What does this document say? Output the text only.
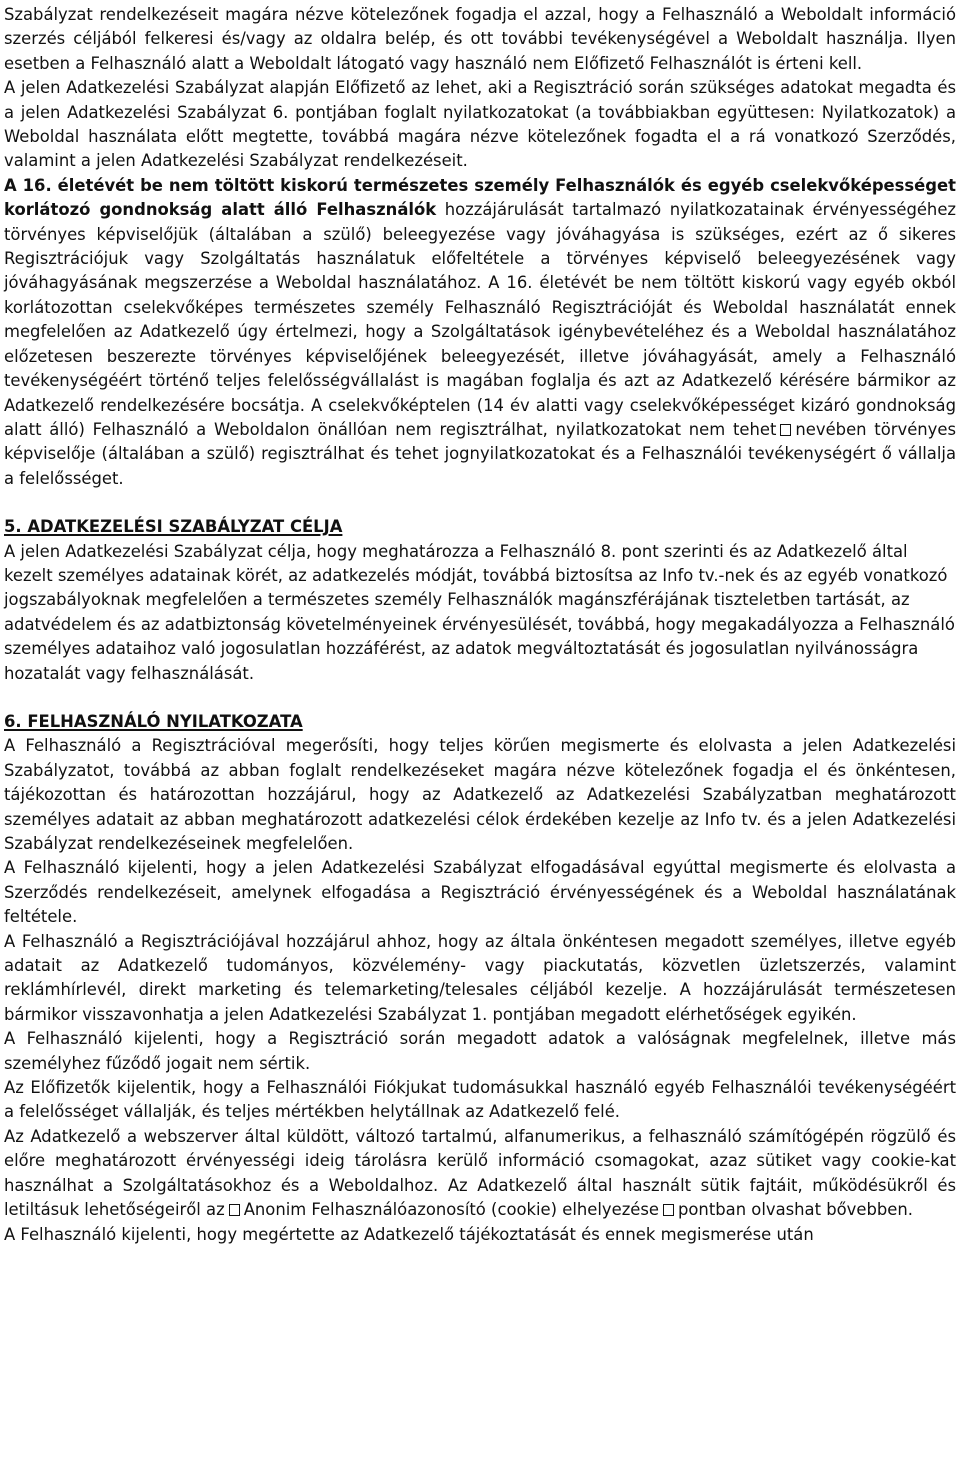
Szabályzat rendelkezéseit magára nézve kötelezőnek fogadja el azzal, hogy a Felhasználó a Weboldalt információ szerzés céljából felkeresi és/vagy az oldalra belép, és ott további tevékenységével a Weboldalt használja. Ilyen esetben a Felhasználó alatt a Weboldalt látogató vagy használó nem Előfizető Felhasználót is érteni kell.

A jelen Adatkezelési Szabályzat alapján Előfizető az lehet, aki a Regisztráció során szükséges adatokat megadta és a jelen Adatkezelési Szabályzat 6. pontjában foglalt nyilatkozatokat (a továbbiakban együttesen: Nyilatkozatok) a Weboldal használata előtt megtette, továbbá magára nézve kötelezőnek fogadta el a rá vonatkozó Szerződés, valamint a jelen Adatkezelési Szabályzat rendelkezéseit.

A 16. életévét be nem töltött kiskorú természetes személy Felhasználók és egyéb cselekvőképességet korlátozó gondnokság alatt álló Felhasználók hozzájárulását tartalmazó nyilatkozatainak érvényességéhez törvényes képviselőjük (általában a szülő) beleegyezése vagy jóváhagyása is szükséges, ezért az ő sikeres Regisztrációjuk vagy Szolgáltatás használatuk előfeltétele a törvényes képviselő beleegyezésének vagy jóváhagyásának megszerzése a Weboldal használatához. A 16. életévét be nem töltött kiskorú vagy egyéb okból korlátozottan cselekvőképes természetes személy Felhasználó Regisztrációját és Weboldal használatát ennek megfelelően az Adatkezelő úgy értelmezi, hogy a Szolgáltatások igénybevételéhez és a Weboldal használatához előzetesen beszerezte törvényes képviselőjének beleegyezését, illetve jóváhagyását, amely a Felhasználó tevékenységéért történő teljes felelősségvállalást is magában foglalja és azt az Adatkezelő kérésére bármikor az Adatkezelő rendelkezésére bocsátja. A cselekvőképtelen (14 év alatti vagy cselekvőképességet kizáró gondnokság alatt álló) Felhasználó a Weboldalon önállóan nem regisztrálhat, nyilatkozatokat nem tehet nevében törvényes képviselője (általában a szülő) regisztrálhat és tehet jognyilatkozatokat és a Felhasználói tevékenységért ő vállalja a felelősséget.

5. ADATKEZELÉSI SZABÁLYZAT CÉLJA

A jelen Adatkezelési Szabályzat célja, hogy meghatározza a Felhasználó 8. pont szerinti és az Adatkezelő által kezelt személyes adatainak körét, az adatkezelés módját, továbbá biztosítsa az Info tv.-nek és az egyéb vonatkozó jogszabályoknak megfelelően a természetes személy Felhasználók magánszférájának tiszteletben tartását, az adatvédelem és az adatbiztonság követelményeinek érvényesülését, továbbá, hogy megakadályozza a Felhasználó személyes adataihoz való jogosulatlan hozzáférést, az adatok megváltoztatását és jogosulatlan nyilvánosságra hozatalát vagy felhasználását.

6. FELHASZNÁLÓ NYILATKOZATA

A Felhasználó a Regisztrációval megerősíti, hogy teljes körűen megismerte és elolvasta a jelen Adatkezelési Szabályzatot, továbbá az abban foglalt rendelkezéseket magára nézve kötelezőnek fogadja el és önkéntesen, tájékozottan és határozottan hozzájárul, hogy az Adatkezelő az Adatkezelési Szabályzatban meghatározott személyes adatait az abban meghatározott adatkezelési célok érdekében kezelje az Info tv. és a jelen Adatkezelési Szabályzat rendelkezéseinek megfelelően.

A Felhasználó kijelenti, hogy a jelen Adatkezelési Szabályzat elfogadásával egyúttal megismerte és elolvasta a Szerződés rendelkezéseit, amelynek elfogadása a Regisztráció érvényességének és a Weboldal használatának feltétele.

A Felhasználó a Regisztrációjával hozzájárul ahhoz, hogy az általa önkéntesen megadott személyes, illetve egyéb adatait az Adatkezelő tudományos, közvélemény- vagy piackutatás, közvetlen üzletszerzés, valamint reklámhírlevél, direkt marketing és telemarketing/telesales céljából kezelje. A hozzájárulását természetesen bármikor visszavonhatja a jelen Adatkezelési Szabályzat 1. pontjában megadott elérhetőségek egyikén.

A Felhasználó kijelenti, hogy a Regisztráció során megadott adatok a valóságnak megfelelnek, illetve más személyhez fűződő jogait nem sértik.

Az Előfizetők kijelentik, hogy a Felhasználói Fiókjukat tudomásukkal használó egyéb Felhasználói tevékenységéért a felelősséget vállalják, és teljes mértékben helytállnak az Adatkezelő felé.

Az Adatkezelő a webszerver által küldött, változó tartalmú, alfanumerikus, a felhasználó számítógépén rögzülő és előre meghatározott érvényességi ideig tárolásra kerülő információ csomagokat, azaz sütiket vagy cookie-kat használhat a Szolgáltatásokhoz és a Weboldalhoz. Az Adatkezelő által használt sütik fajtáit, működésükről és letiltásuk lehetőségeiről az Anonim Felhasználóazonosító (cookie) elhelyezése pontban olvashat bővebben.

A Felhasználó kijelenti, hogy megértette az Adatkezelő tájékoztatását és ennek megismerése után
